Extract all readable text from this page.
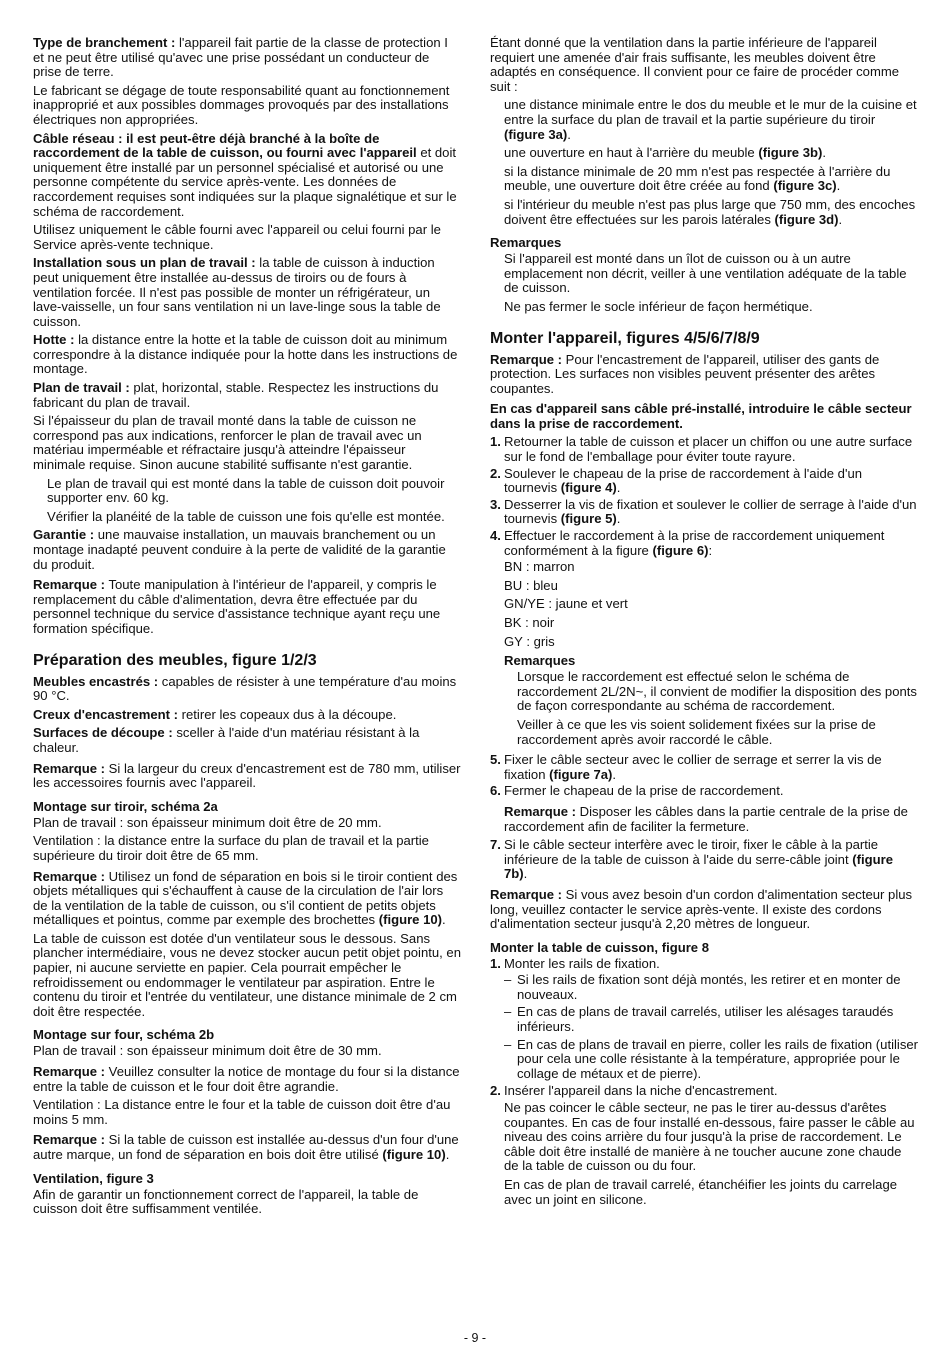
Type de branchement : l'appareil fait partie de la classe de protection I et ne peut être utilisé qu'avec une prise possédant un conducteur de prise de terre.

Le fabricant se dégage de toute responsabilité quant au fonctionnement inapproprié et aux possibles dommages provoqués par des installations électriques non appropriées.

Câble réseau : il est peut-être déjà branché à la boîte de raccordement de la table de cuisson, ou fourni avec l'appareil et doit uniquement être installé par un personnel spécialisé et autorisé ou une personne compétente du service après-vente. Les données de raccordement requises sont indiquées sur la plaque signalétique et sur le schéma de raccordement.

Utilisez uniquement le câble fourni avec l'appareil ou celui fourni par le Service après-vente technique.

Installation sous un plan de travail : la table de cuisson à induction peut uniquement être installée au-dessus de tiroirs ou de fours à ventilation forcée. Il n'est pas possible de monter un réfrigérateur, un lave-vaisselle, un four sans ventilation ni un lave-linge sous la table de cuisson.

Hotte : la distance entre la hotte et la table de cuisson doit au minimum correspondre à la distance indiquée pour la hotte dans les instructions de montage.

Plan de travail : plat, horizontal, stable. Respectez les instructions du fabricant du plan de travail.

Si l'épaisseur du plan de travail monté dans la table de cuisson ne correspond pas aux indications, renforcer le plan de travail avec un matériau imperméable et réfractaire jusqu'à atteindre l'épaisseur minimale requise. Sinon aucune stabilité suffisante n'est garantie.

Le plan de travail qui est monté dans la table de cuisson doit pouvoir supporter env. 60 kg.

Vérifier la planéité de la table de cuisson une fois qu'elle est montée.

Garantie : une mauvaise installation, un mauvais branchement ou un montage inadapté peuvent conduire à la perte de validité de la garantie du produit.

Remarque : Toute manipulation à l'intérieur de l'appareil, y compris le remplacement du câble d'alimentation, devra être effectuée par du personnel technique du service d'assistance technique ayant reçu une formation spécifique.

Préparation des meubles, figure 1/2/3

Meubles encastrés : capables de résister à une température d'au moins 90 °C.

Creux d'encastrement : retirer les copeaux dus à la découpe.

Surfaces de découpe : sceller à l'aide d'un matériau résistant à la chaleur.

Remarque : Si la largeur du creux d'encastrement est de 780 mm, utiliser les accessoires fournis avec l'appareil.

Montage sur tiroir, schéma 2a

Plan de travail : son épaisseur minimum doit être de 20 mm.

Ventilation : la distance entre la surface du plan de travail et la partie supérieure du tiroir doit être de 65 mm.

Remarque : Utilisez un fond de séparation en bois si le tiroir contient des objets métalliques qui s'échauffent à cause de la circulation de l'air lors de la ventilation de la table de cuisson, ou s'il contient de petits objets métalliques et pointus, comme par exemple des brochettes (figure 10).

La table de cuisson est dotée d'un ventilateur sous le dessous. Sans plancher intermédiaire, vous ne devez stocker aucun petit objet pointu, en papier, ni aucune serviette en papier. Cela pourrait empêcher le refroidissement ou endommager le ventilateur par aspiration. Entre le contenu du tiroir et l'entrée du ventilateur, une distance minimale de 2 cm doit être respectée.

Montage sur four, schéma 2b

Plan de travail : son épaisseur minimum doit être de 30 mm.

Remarque : Veuillez consulter la notice de montage du four si la distance entre la table de cuisson et le four doit être agrandie.

Ventilation : La distance entre le four et la table de cuisson doit être d'au moins 5 mm.

Remarque : Si la table de cuisson est installée au-dessus d'un four d'une autre marque, un fond de séparation en bois doit être utilisé (figure 10).

Ventilation, figure 3

Afin de garantir un fonctionnement correct de l'appareil, la table de cuisson doit être suffisamment ventilée.

Étant donné que la ventilation dans la partie inférieure de l'appareil requiert une amenée d'air frais suffisante, les meubles doivent être adaptés en conséquence. Il convient pour ce faire de procéder comme suit :

une distance minimale entre le dos du meuble et le mur de la cuisine et entre la surface du plan de travail et la partie supérieure du tiroir (figure 3a).

une ouverture en haut à l'arrière du meuble (figure 3b).

si la distance minimale de 20 mm n'est pas respectée à l'arrière du meuble, une ouverture doit être créée au fond (figure 3c).

si l'intérieur du meuble n'est pas plus large que 750 mm, des encoches doivent être effectuées sur les parois latérales (figure 3d).

Remarques

Si l'appareil est monté dans un îlot de cuisson ou à un autre emplacement non décrit, veiller à une ventilation adéquate de la table de cuisson.

Ne pas fermer le socle inférieur de façon hermétique.

Monter l'appareil, figures 4/5/6/7/8/9

Remarque : Pour l'encastrement de l'appareil, utiliser des gants de protection. Les surfaces non visibles peuvent présenter des arêtes coupantes.

En cas d'appareil sans câble pré-installé, introduire le câble secteur dans la prise de raccordement.

1. Retourner la table de cuisson et placer un chiffon ou une autre surface sur le fond de l'emballage pour éviter toute rayure.
2. Soulever le chapeau de la prise de raccordement à l'aide d'un tournevis (figure 4).
3. Desserrer la vis de fixation et soulever le collier de serrage à l'aide d'un tournevis (figure 5).
4. Effectuer le raccordement à la prise de raccordement uniquement conformément à la figure (figure 6):

BN : marron

BU : bleu

GN/YE : jaune et vert

BK : noir

GY : gris

Remarques

Lorsque le raccordement est effectué selon le schéma de raccordement 2L/2N~, il convient de modifier la disposition des ponts de façon correspondante au schéma de raccordement.

Veiller à ce que les vis soient solidement fixées sur la prise de raccordement après avoir raccordé le câble.

5. Fixer le câble secteur avec le collier de serrage et serrer la vis de fixation (figure 7a).
6. Fermer le chapeau de la prise de raccordement.

Remarque : Disposer les câbles dans la partie centrale de la prise de raccordement afin de faciliter la fermeture.

7. Si le câble secteur interfère avec le tiroir, fixer le câble à la partie inférieure de la table de cuisson à l'aide du serre-câble joint (figure 7b).

Remarque : Si vous avez besoin d'un cordon d'alimentation secteur plus long, veuillez contacter le service après-vente. Il existe des cordons d'alimentation secteur jusqu'à 2,20 mètres de longueur.

Monter la table de cuisson, figure 8
1. Monter les rails de fixation.
– Si les rails de fixation sont déjà montés, les retirer et en monter de nouveaux.
– En cas de plans de travail carrelés, utiliser les alésages taraudés inférieurs.
– En cas de plans de travail en pierre, coller les rails de fixation (utiliser pour cela une colle résistante à la température, appropriée pour le collage de métaux et de pierre).
2. Insérer l'appareil dans la niche d'encastrement.

Ne pas coincer le câble secteur, ne pas le tirer au-dessus d'arêtes coupantes. En cas de four installé en-dessous, faire passer le câble au niveau des coins arrière du four jusqu'à la prise de raccordement. Le câble doit être installé de manière à ne toucher aucune zone chaude de la table de cuisson ou du four.

En cas de plan de travail carrelé, étanchéifier les joints du carrelage avec un joint en silicone.

- 9 -
